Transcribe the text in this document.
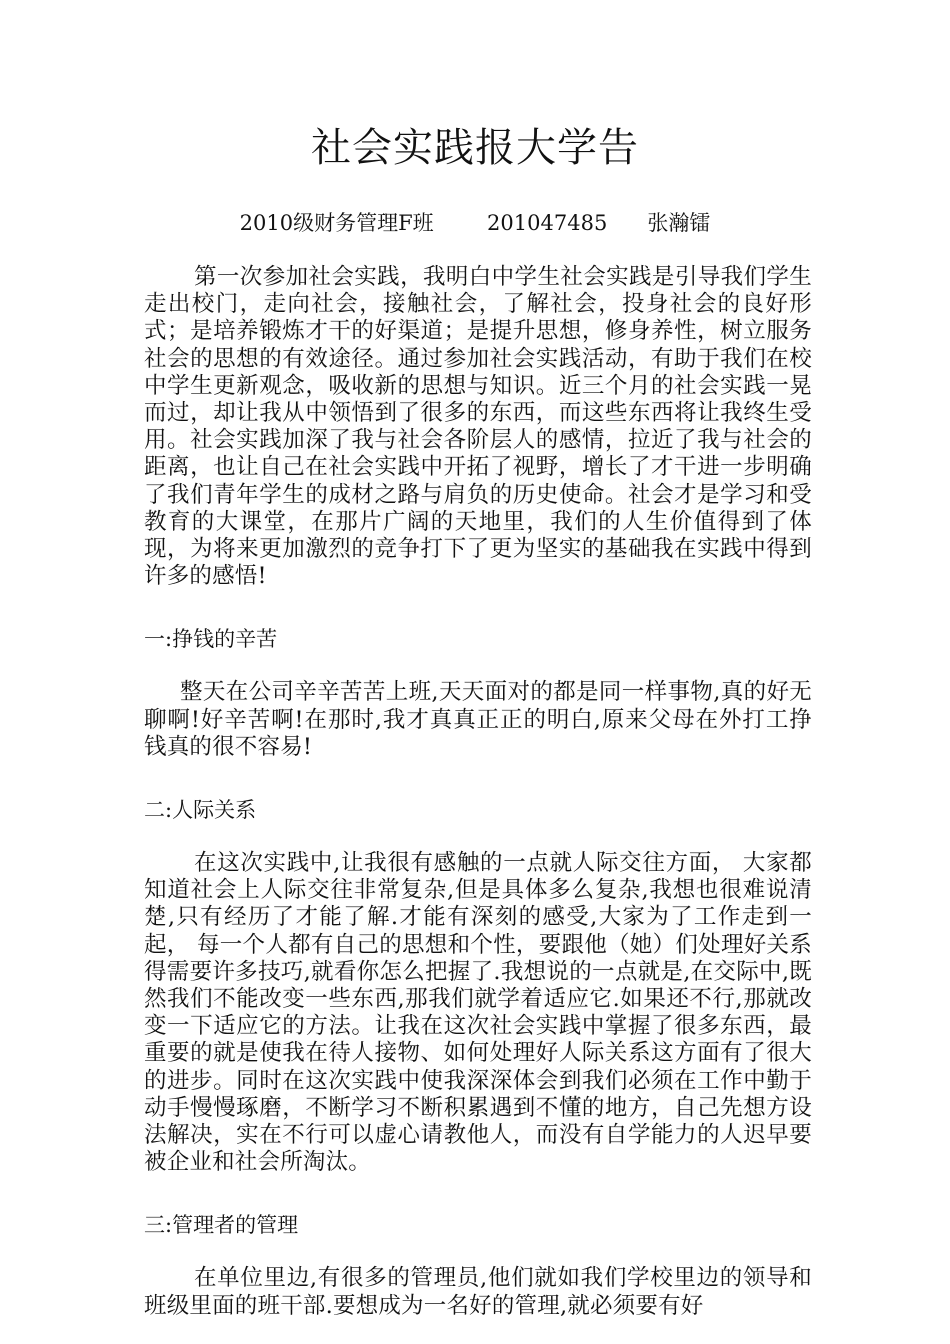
社会实践报大学告
2010级财务管理F班        201047485      张瀚镭

第一次参加社会实践，我明白中学生社会实践是引导我们学生走出校门，走向社会，接触社会，了解社会，投身社会的良好形式；是培养锻炼才干的好渠道；是提升思想，修身养性，树立服务社会的思想的有效途径。通过参加社会实践活动，有助于我们在校中学生更新观念，吸收新的思想与知识。近三个月的社会实践一晃而过，却让我从中领悟到了很多的东西，而这些东西将让我终生受用。社会实践加深了我与社会各阶层人的感情，拉近了我与社会的距离，也让自己在社会实践中开拓了视野，增长了才干进一步明确了我们青年学生的成材之路与肩负的历史使命。社会才是学习和受教育的大课堂，在那片广阔的天地里，我们的人生价值得到了体现，为将来更加激烈的竞争打下了更为坚实的基础我在实践中得到许多的感悟!

一:挣钱的辛苦

整天在公司辛辛苦苦上班,天天面对的都是同一样事物,真的好无聊啊!好辛苦啊!在那时,我才真真正正的明白,原来父母在外打工挣钱真的很不容易!

二:人际关系

在这次实践中,让我很有感触的一点就人际交往方面， 大家都知道社会上人际交往非常复杂,但是具体多么复杂,我想也很难说清楚,只有经历了才能了解.才能有深刻的感受,大家为了工作走到一起， 每一个人都有自己的思想和个性，要跟他（她）们处理好关系得需要许多技巧,就看你怎么把握了.我想说的一点就是,在交际中,既然我们不能改变一些东西,那我们就学着适应它.如果还不行,那就改变一下适应它的方法。让我在这次社会实践中掌握了很多东西，最重要的就是使我在待人接物、如何处理好人际关系这方面有了很大的进步。同时在这次实践中使我深深体会到我们必须在工作中勤于动手慢慢琢磨，不断学习不断积累遇到不懂的地方，自己先想方设法解决，实在不行可以虚心请教他人，而没有自学能力的人迟早要被企业和社会所淘汰。

三:管理者的管理

在单位里边,有很多的管理员,他们就如我们学校里边的领导和班级里面的班干部.要想成为一名好的管理,就必须要有好
